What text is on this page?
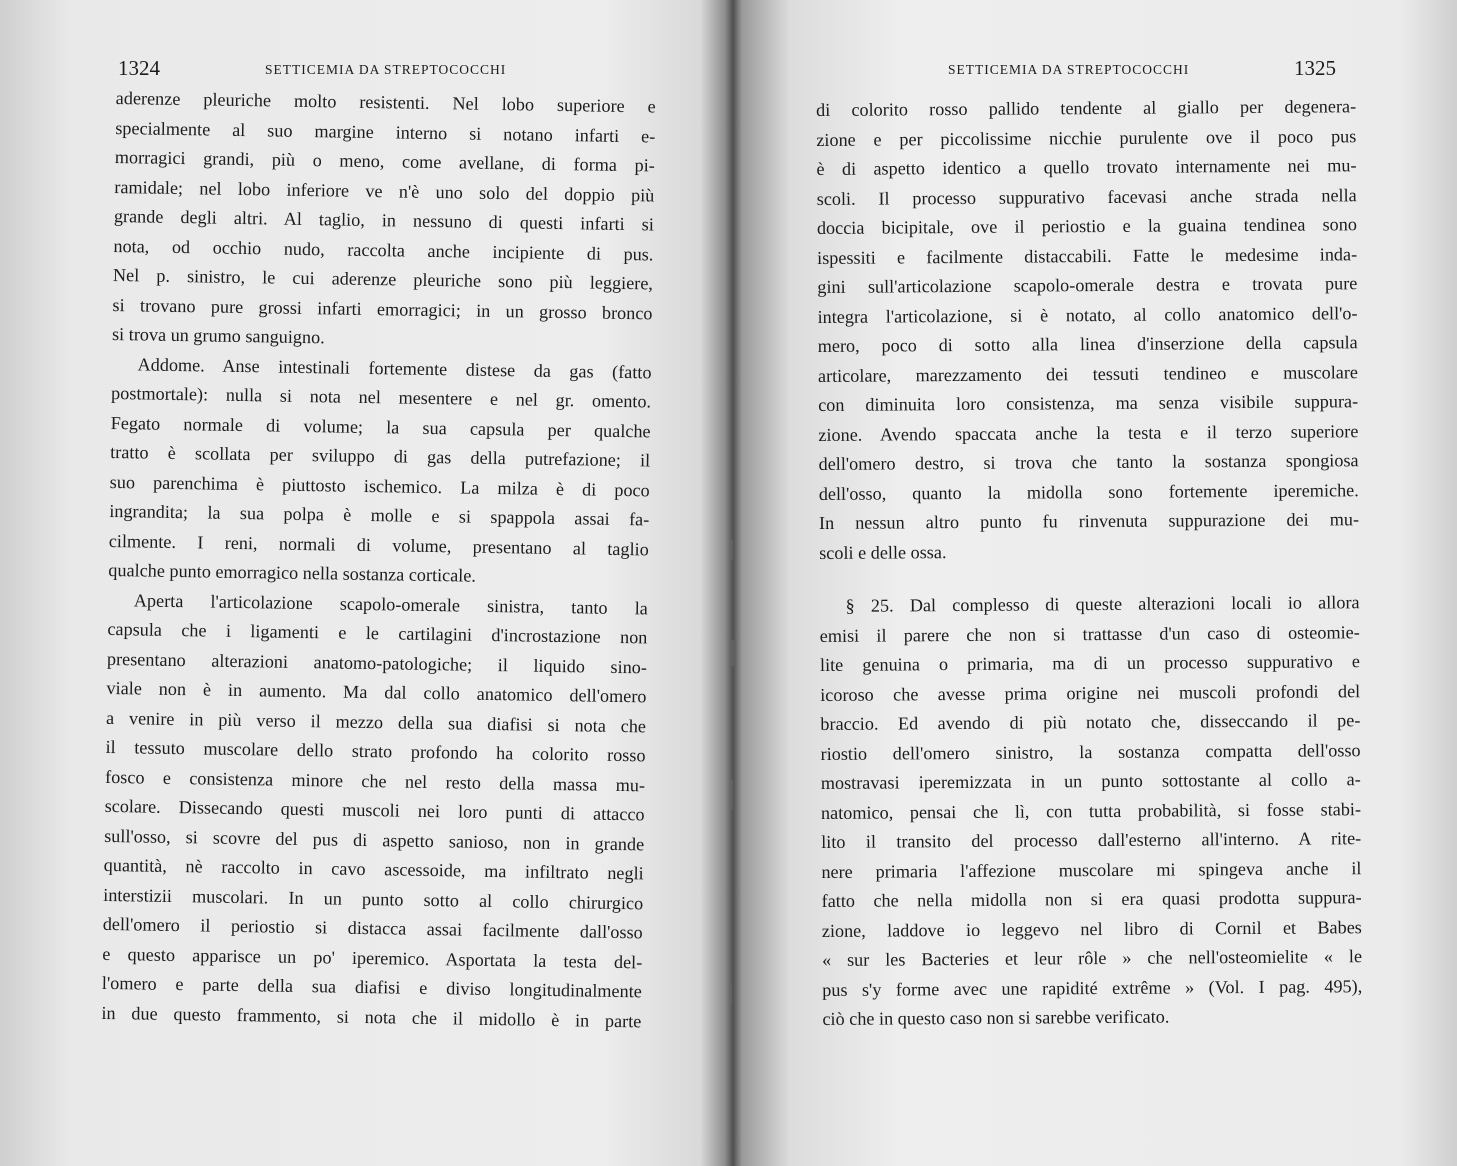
1324	SETTICEMIA DA STREPTOCOCCHI
aderenze pleuriche molto resistenti. Nel lobo superiore e
specialmente al suo margine interno si notano infarti e-
morragici grandi, più o meno, come avellane, di forma pi-
ramidale; nel lobo inferiore ve n'è uno solo del doppio più
grande degli altri. Al taglio, in nessuno di questi infarti si
nota, od occhio nudo, raccolta anche incipiente di pus.
Nel p. sinistro, le cui aderenze pleuriche sono più leggiere,
si trovano pure grossi infarti emorragici; in un grosso bronco
si trova un grumo sanguigno.
Addome. Anse intestinali fortemente distese da gas (fatto
postmortale): nulla si nota nel mesentere e nel gr. omento.
Fegato normale di volume; la sua capsula per qualche
tratto è scollata per sviluppo di gas della putrefazione; il
suo parenchima è piuttosto ischemico. La milza è di poco
ingrandita; la sua polpa è molle e si spappola assai fa-
cilmente. I reni, normali di volume, presentano al taglio
qualche punto emorragico nella sostanza corticale.
Aperta l'articolazione scapolo-omerale sinistra, tanto la
capsula che i ligamenti e le cartilagini d'incrostazione non
presentano alterazioni anatomo-patologiche; il liquido sino-
viale non è in aumento. Ma dal collo anatomico dell'omero
a venire in più verso il mezzo della sua diafisi si nota che
il tessuto muscolare dello strato profondo ha colorito rosso
fosco e consistenza minore che nel resto della massa mu-
scolare. Dissecando questi muscoli nei loro punti di attacco
sull'osso, si scovre del pus di aspetto sanioso, non in grande
quantità, nè raccolto in cavo ascessoide, ma infiltrato negli
interstizii muscolari. In un punto sotto al collo chirurgico
dell'omero il periostio si distacca assai facilmente dall'osso
e questo apparisce un po' iperemico. Asportata la testa del-
l'omero e parte della sua diafisi e diviso longitudinalmente
in due questo frammento, si nota che il midollo è in parte
SETTICEMIA DA STREPTOCOCCHI	1325
di colorito rosso pallido tendente al giallo per degenera-
zione e per piccolissime nicchie purulente ove il poco pus
è di aspetto identico a quello trovato internamente nei mu-
scoli. Il processo suppurativo facevasi anche strada nella
doccia bicipitale, ove il periostio e la guaina tendinea sono
ispessiti e facilmente distaccabili. Fatte le medesime inda-
gini sull'articolazione scapolo-omerale destra e trovata pure
integra l'articolazione, si è notato, al collo anatomico dell'o-
mero, poco di sotto alla linea d'inserzione della capsula
articolare, marezzamento dei tessuti tendineo e muscolare
con diminuita loro consistenza, ma senza visibile suppura-
zione. Avendo spaccata anche la testa e il terzo superiore
dell'omero destro, si trova che tanto la sostanza spongiosa
dell'osso, quanto la midolla sono fortemente iperemiche.
In nessun altro punto fu rinvenuta suppurazione dei mu-
scoli e delle ossa.
§ 25. Dal complesso di queste alterazioni locali io allora
emisi il parere che non si trattasse d'un caso di osteomie-
lite genuina o primaria, ma di un processo suppurativo e
icoroso che avesse prima origine nei muscoli profondi del
braccio. Ed avendo di più notato che, disseccando il pe-
riostio dell'omero sinistro, la sostanza compatta dell'osso
mostravasi iperemizzata in un punto sottostante al collo a-
natomico, pensai che lì, con tutta probabilità, si fosse stabi-
lito il transito del processo dall'esterno all'interno. A rite-
nere primaria l'affezione muscolare mi spingeva anche il
fatto che nella midolla non si era quasi prodotta suppura-
zione, laddove io leggevo nel libro di Cornil et Babes
« sur les Bacteries et leur rôle » che nell'osteomielite « le
pus s'y forme avec une rapidité extrême » (Vol. I pag. 495),
ciò che in questo caso non si sarebbe verificato.
